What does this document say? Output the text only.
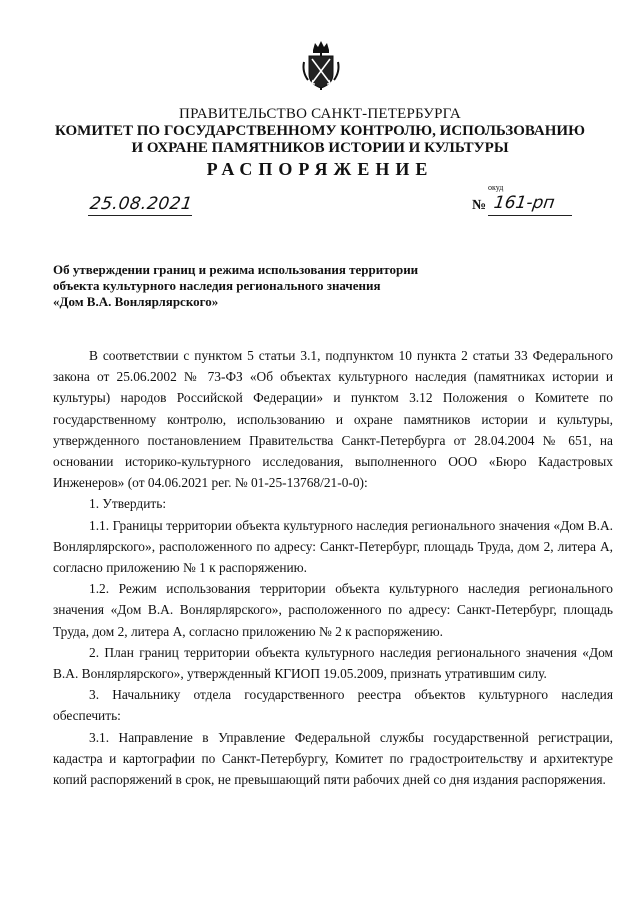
ПРАВИТЕЛЬСТВО САНКТ-ПЕТЕРБУРГА
КОМИТЕТ ПО ГОСУДАРСТВЕННОМУ КОНТРОЛЮ, ИСПОЛЬЗОВАНИЮ
И ОХРАНЕ ПАМЯТНИКОВ ИСТОРИИ И КУЛЬТУРЫ
РАСПОРЯЖЕНИЕ
25.08.2021
окуд
№ 161-рп
Об утверждении границ и режима использования территории
объекта культурного наследия регионального значения
«Дом В.А. Вонлярлярского»

В соответствии с пунктом 5 статьи 3.1, подпунктом 10 пункта 2 статьи 33 Федерального закона от 25.06.2002 № 73-ФЗ «Об объектах культурного наследия (памятниках истории и культуры) народов Российской Федерации» и пунктом 3.12 Положения о Комитете по государственному контролю, использованию и охране памятников истории и культуры, утвержденного постановлением Правительства Санкт-Петербурга от 28.04.2004 № 651, на основании историко-культурного исследования, выполненного ООО «Бюро Кадастровых Инженеров» (от 04.06.2021 рег. № 01-25-13768/21-0-0):

1. Утвердить:

1.1. Границы территории объекта культурного наследия регионального значения «Дом В.А. Вонлярлярского», расположенного по адресу: Санкт-Петербург, площадь Труда, дом 2, литера А, согласно приложению № 1 к распоряжению.

1.2. Режим использования территории объекта культурного наследия регионального значения «Дом В.А. Вонлярлярского», расположенного по адресу: Санкт-Петербург, площадь Труда, дом 2, литера А, согласно приложению № 2 к распоряжению.

2. План границ территории объекта культурного наследия регионального значения «Дом В.А. Вонлярлярского», утвержденный КГИОП 19.05.2009, признать утратившим силу.

3. Начальнику отдела государственного реестра объектов культурного наследия обеспечить:

3.1. Направление в Управление Федеральной службы государственной регистрации, кадастра и картографии по Санкт-Петербургу, Комитет по градостроительству и архитектуре копий распоряжений в срок, не превышающий пяти рабочих дней со дня издания распоряжения.
